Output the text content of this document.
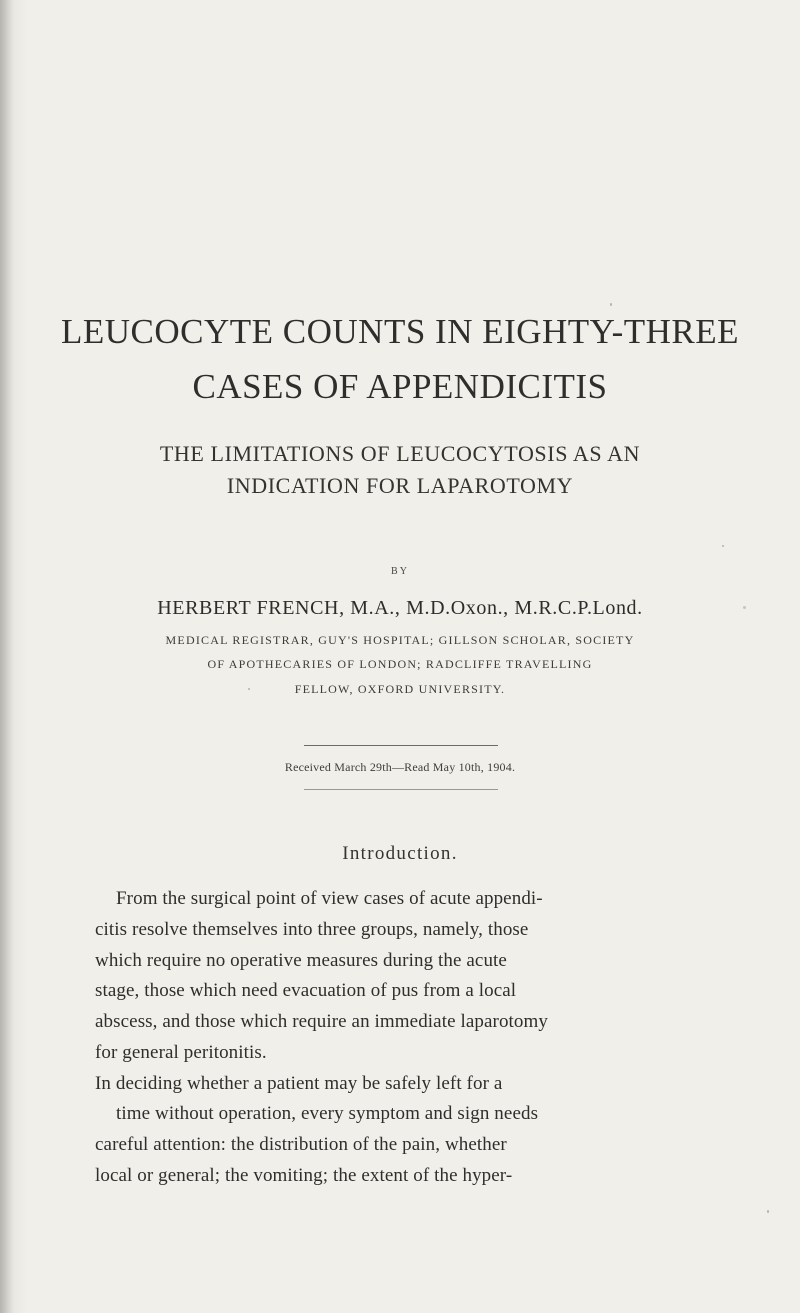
LEUCOCYTE COUNTS IN EIGHTY-THREE
CASES OF APPENDICITIS
THE LIMITATIONS OF LEUCOCYTOSIS AS AN
INDICATION FOR LAPAROTOMY
BY
HERBERT FRENCH, M.A., M.D.Oxon., M.R.C.P.Lond.
MEDICAL REGISTRAR, GUY'S HOSPITAL; GILLSON SCHOLAR, SOCIETY
OF APOTHECARIES OF LONDON; RADCLIFFE TRAVELLING
FELLOW, OXFORD UNIVERSITY.
Received March 29th—Read May 10th, 1904.
Introduction.
From the surgical point of view cases of acute appendi-
citis resolve themselves into three groups, namely, those
which require no operative measures during the acute
stage, those which need evacuation of pus from a local
abscess, and those which require an immediate laparotomy
for general peritonitis.
In deciding whether a patient may be safely left for a
time without operation, every symptom and sign needs
careful attention: the distribution of the pain, whether
local or general; the vomiting; the extent of the hyper-
